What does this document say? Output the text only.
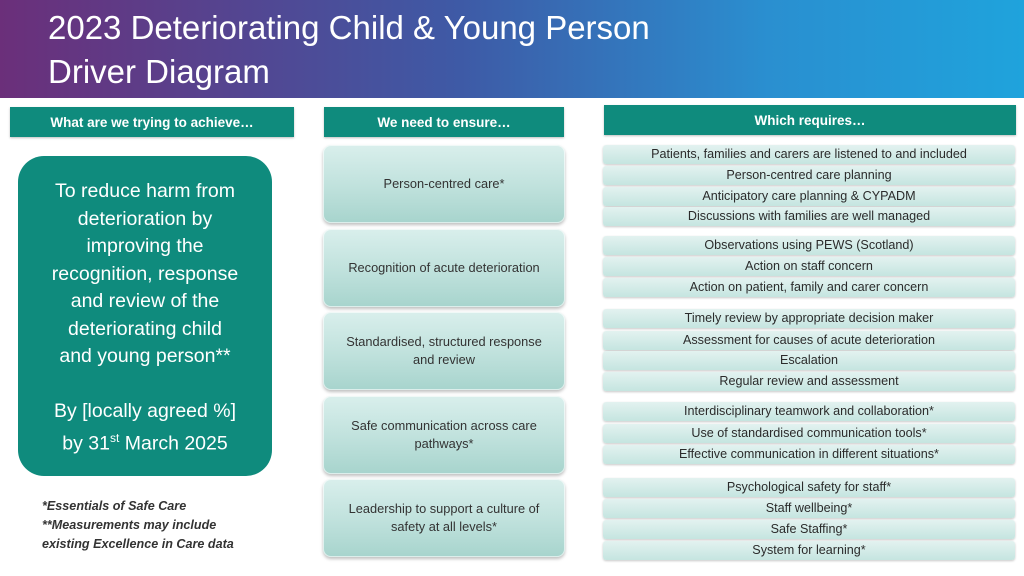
2023 Deteriorating Child & Young Person
Driver Diagram
What are we trying to achieve…	We need to ensure…	Which requires…
To reduce harm from
deterioration by
improving the
recognition, response
and review of the
deteriorating child
and young person**
By [locally agreed %]
by 31st March 2025
Person-centred care*
Patients, families and carers are listened to and included
Person-centred care planning
Anticipatory care planning & CYPADM
Discussions with families are well managed
Recognition of acute deterioration
Observations using PEWS (Scotland)
Action on staff concern
Action on patient, family and carer concern
Standardised, structured response and review
Timely review by appropriate decision maker
Assessment for causes of acute deterioration
Escalation
Regular review and assessment
Safe communication across care pathways*
Interdisciplinary teamwork and collaboration*
Use of standardised communication tools*
Effective communication in different situations*
Leadership to support a culture of safety at all levels*
Psychological safety for staff*
Staff wellbeing*
Safe Staffing*
System for learning*
*Essentials of Safe Care
**Measurements may include
existing Excellence in Care data
